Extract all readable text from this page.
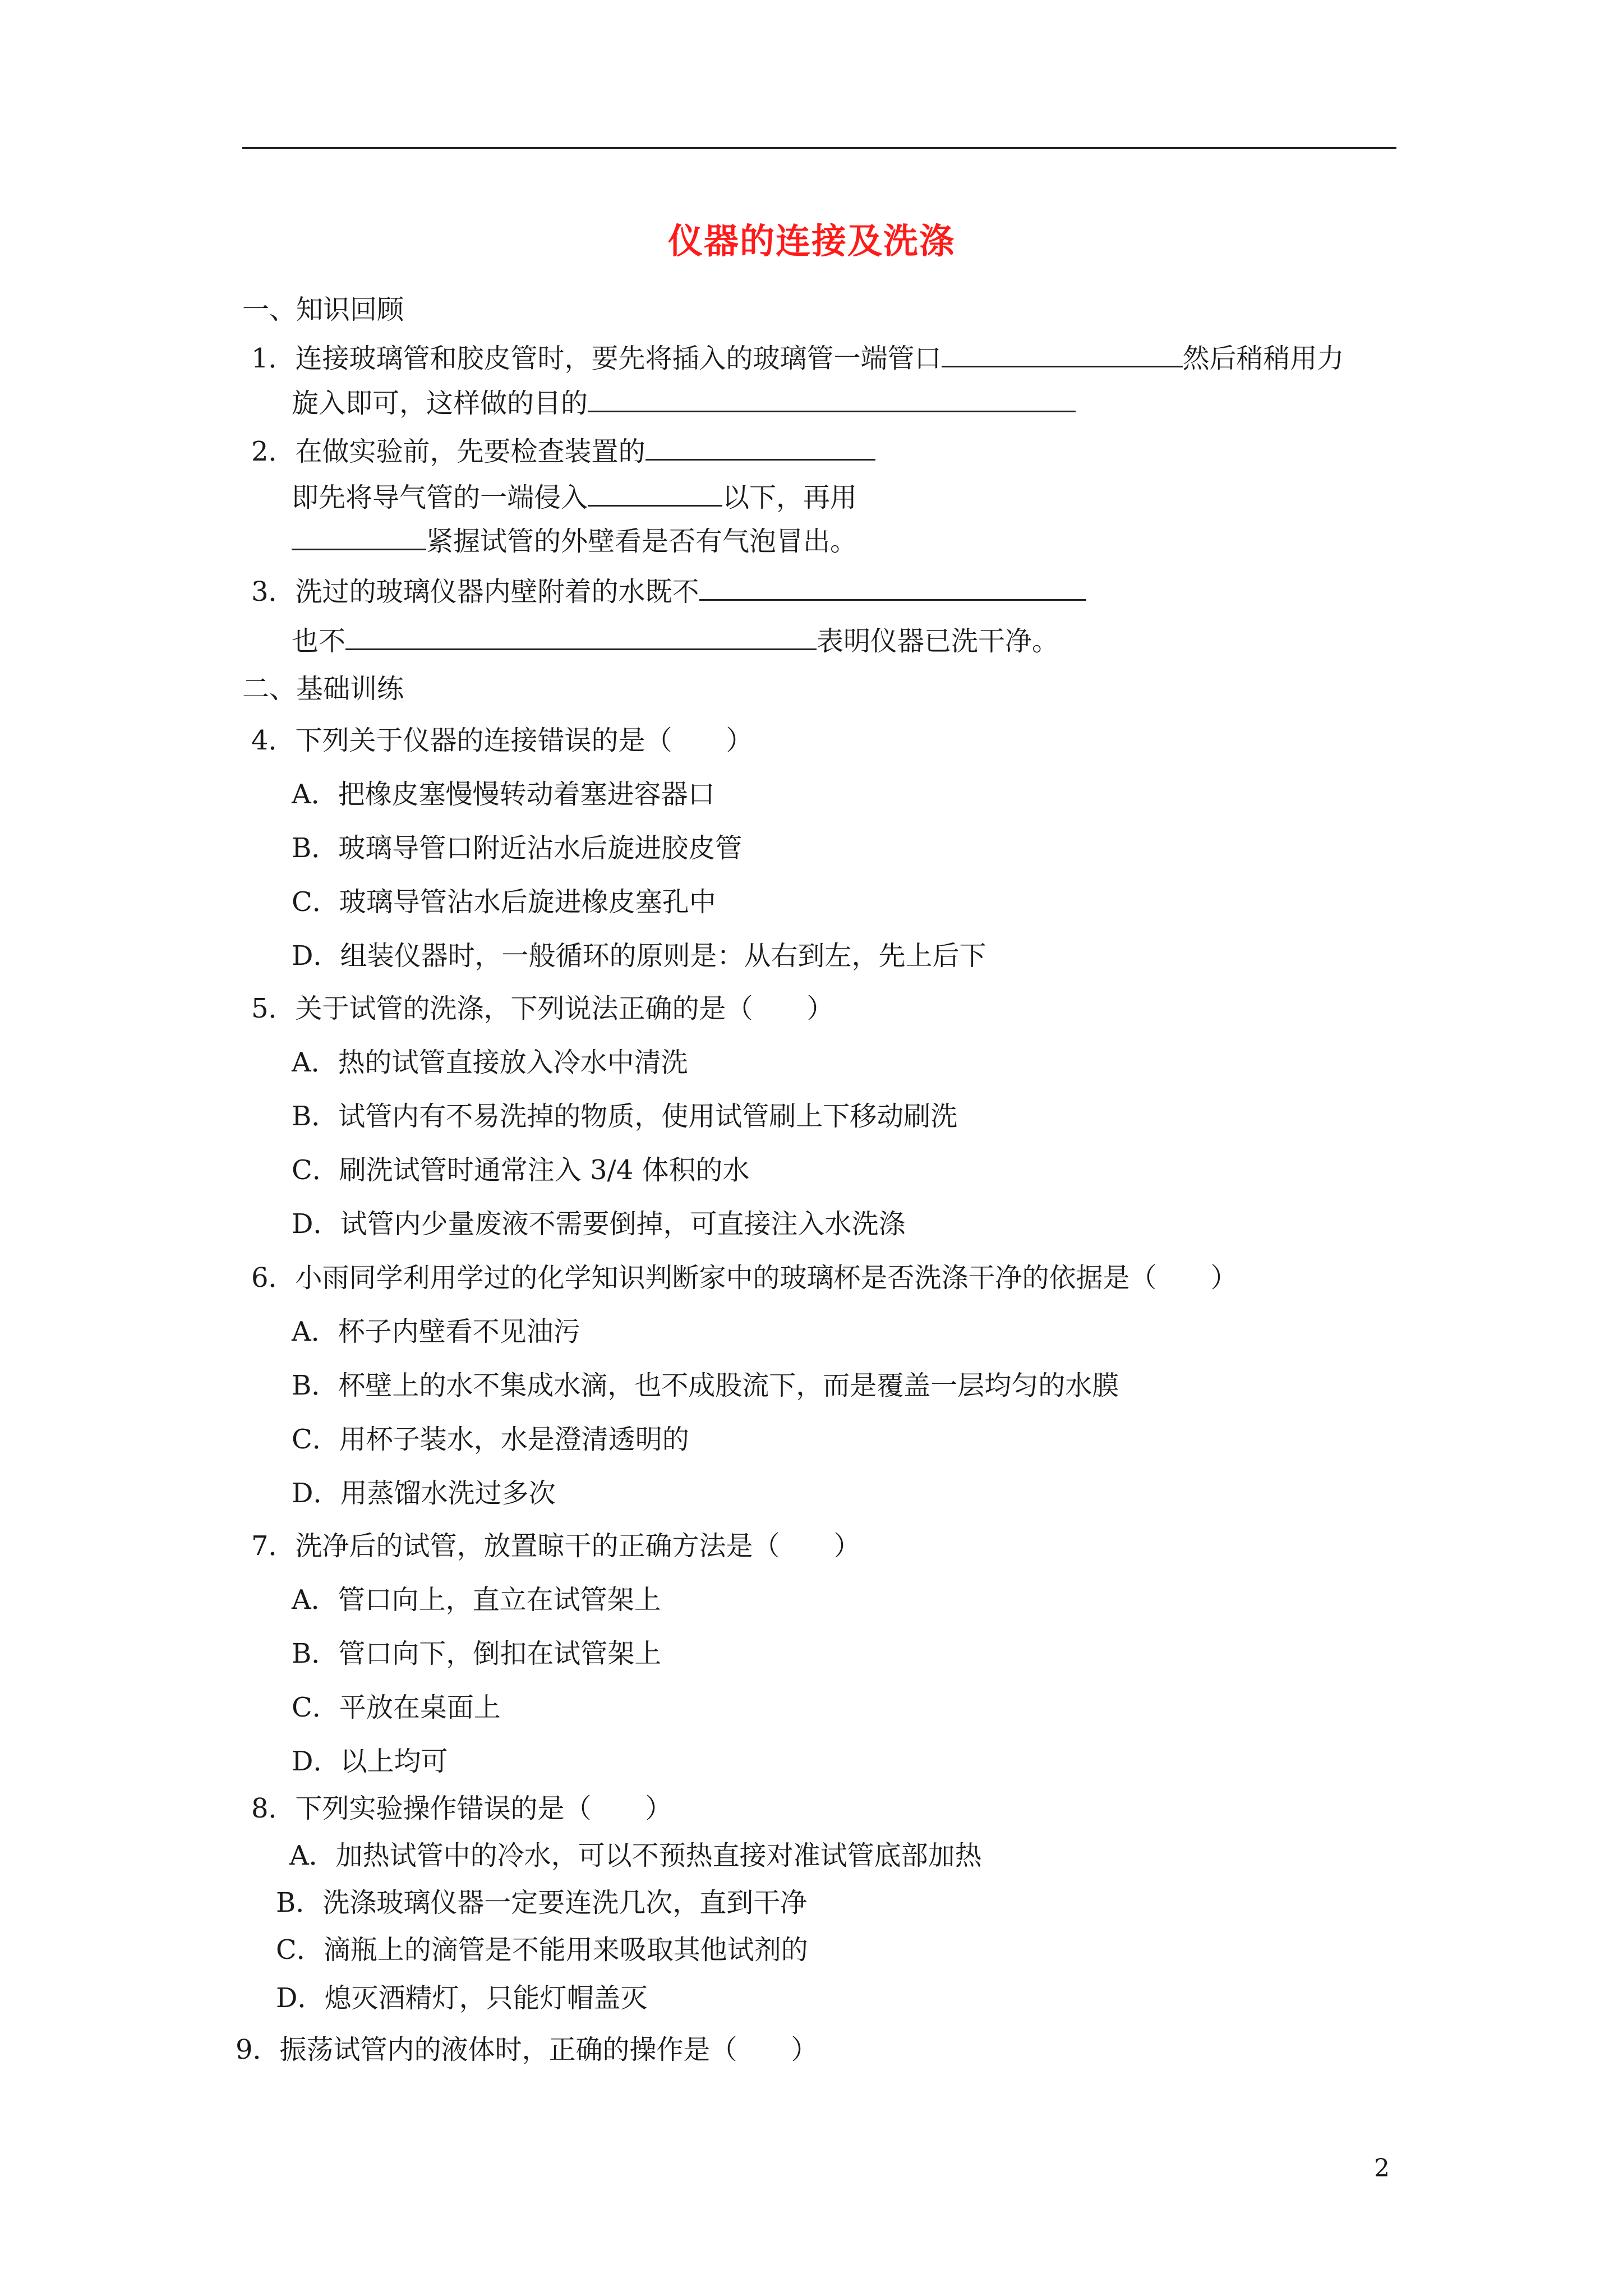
仪器的连接及洗涤
一、知识回顾
1．连接玻璃管和胶皮管时，要先将插入的玻璃管一端管口	然后稍稍用力
旋入即可，这样做的目的
2．在做实验前，先要检查装置的
即先将导气管的一端侵入	以下，再用
紧握试管的外壁看是否有气泡冒出。
3．洗过的玻璃仪器内壁附着的水既不
也不	表明仪器已洗干净。
二、基础训练
4．下列关于仪器的连接错误的是（　　）
A．把橡皮塞慢慢转动着塞进容器口
B．玻璃导管口附近沾水后旋进胶皮管
C．玻璃导管沾水后旋进橡皮塞孔中
D．组装仪器时，一般循环的原则是：从右到左，先上后下
5．关于试管的洗涤，下列说法正确的是（　　）
A．热的试管直接放入冷水中清洗
B．试管内有不易洗掉的物质，使用试管刷上下移动刷洗
C．刷洗试管时通常注入 3/4 体积的水
D．试管内少量废液不需要倒掉，可直接注入水洗涤
6．小雨同学利用学过的化学知识判断家中的玻璃杯是否洗涤干净的依据是（　　）
A．杯子内壁看不见油污
B．杯壁上的水不集成水滴，也不成股流下，而是覆盖一层均匀的水膜
C．用杯子装水，水是澄清透明的
D．用蒸馏水洗过多次
7．洗净后的试管，放置晾干的正确方法是（　　）
A．管口向上，直立在试管架上
B．管口向下，倒扣在试管架上
C．平放在桌面上
D．以上均可
8．下列实验操作错误的是（　　）
A．加热试管中的冷水，可以不预热直接对准试管底部加热
B．洗涤玻璃仪器一定要连洗几次，直到干净
C．滴瓶上的滴管是不能用来吸取其他试剂的
D．熄灭酒精灯，只能灯帽盖灭
9．振荡试管内的液体时，正确的操作是（　　）
2
